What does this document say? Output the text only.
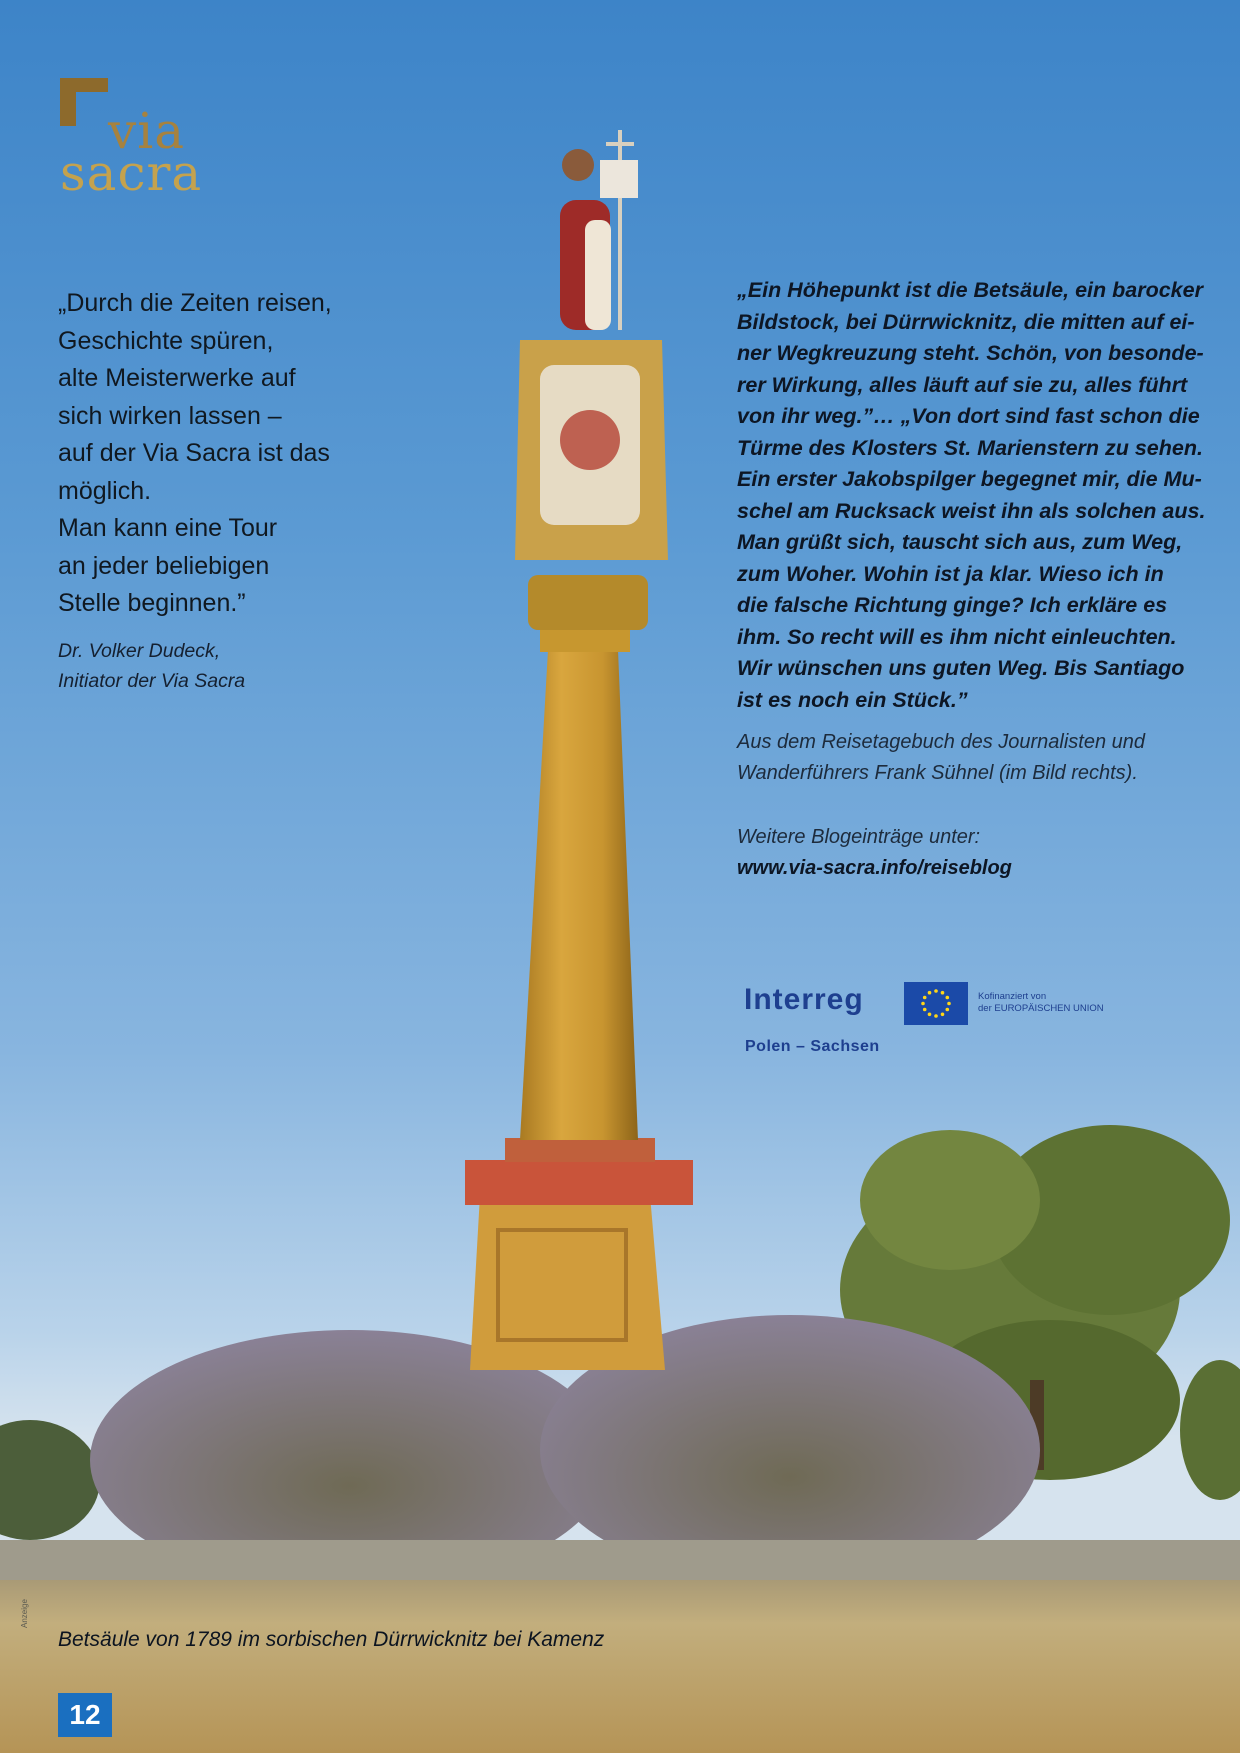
via
sacra
„Durch die Zeiten reisen,
Geschichte spüren,
alte Meisterwerke auf
sich wirken lassen –
auf der Via Sacra ist das
möglich.
Man kann eine Tour
an jeder beliebigen
Stelle beginnen.”
Dr. Volker Dudeck,
Initiator der Via Sacra
„Ein Höhepunkt ist die Betsäule, ein barocker
Bildstock, bei Dürrwicknitz, die mitten auf ei-
ner Wegkreuzung steht. Schön, von besonde-
rer Wirkung, alles läuft auf sie zu, alles führt
von ihr weg.”… „Von dort sind fast schon die
Türme des Klosters St. Marienstern zu sehen.
Ein erster Jakobspilger begegnet mir, die Mu-
schel am Rucksack weist ihn als solchen aus.
Man grüßt sich, tauscht sich aus, zum Weg,
zum Woher. Wohin ist ja klar. Wieso ich in
die falsche Richtung ginge? Ich erkläre es
ihm. So recht will es ihm nicht einleuchten.
Wir wünschen uns guten Weg. Bis Santiago
ist es noch ein Stück.”
Aus dem Reisetagebuch des Journalisten und
Wanderführers Frank Sühnel (im Bild rechts).
Weitere Blogeinträge unter:
www.via-sacra.info/reiseblog
Interreg	Kofinanziert von
der EUROPÄISCHEN UNION
Polen – Sachsen
Anzeige
Betsäule von 1789 im sorbischen Dürrwicknitz bei Kamenz
12
